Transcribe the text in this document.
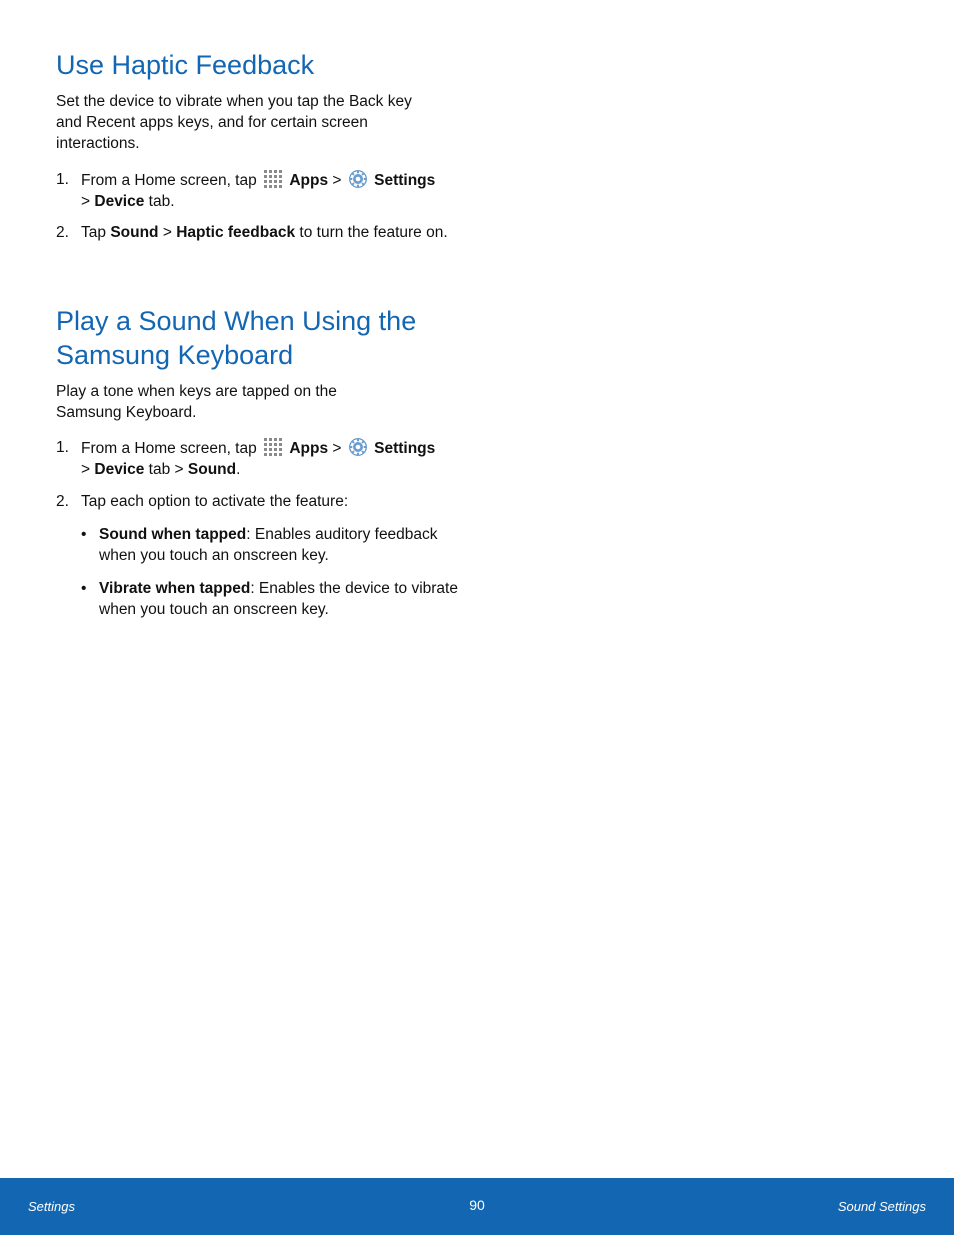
Use Haptic Feedback

Set the device to vibrate when you tap the Back key and Recent apps keys, and for certain screen interactions.

1. From a Home screen, tap Apps > Settings
> Device tab.
2. Tap Sound > Haptic feedback to turn the feature on.
Play a Sound When Using the Samsung Keyboard

Play a tone when keys are tapped on the Samsung Keyboard.

1. From a Home screen, tap Apps > Settings
> Device tab > Sound.
2. Tap each option to activate the feature:
• Sound when tapped: Enables auditory feedback when you touch an onscreen key.
• Vibrate when tapped: Enables the device to vibrate when you touch an onscreen key.
Settings	90	Sound Settings
